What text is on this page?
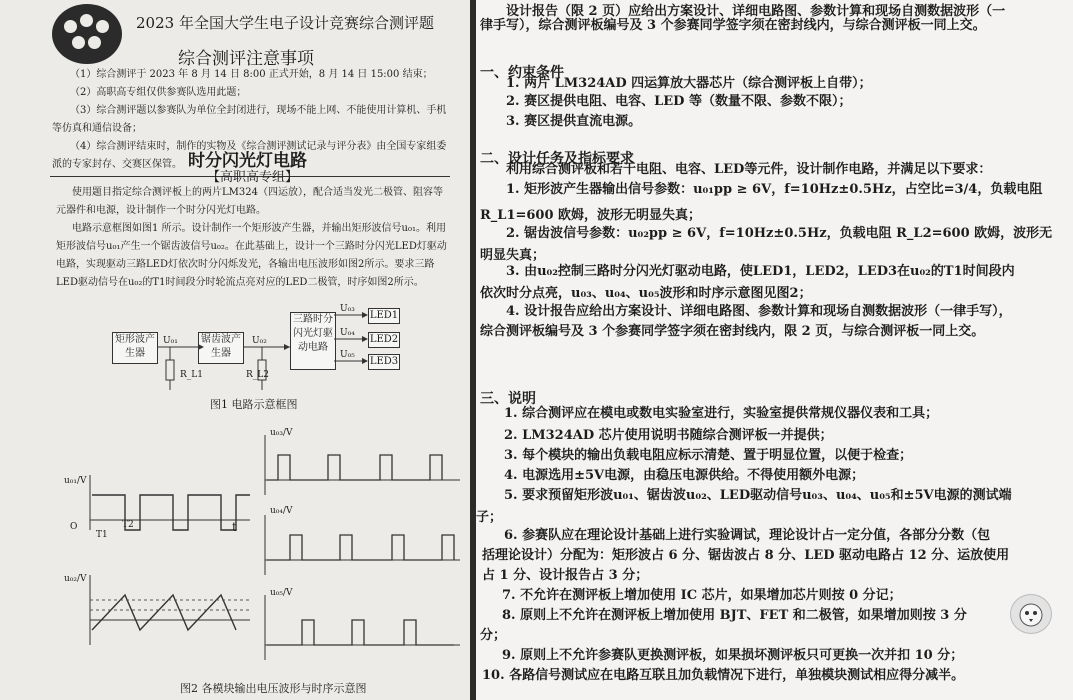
2023 年全国大学生电子设计竞赛综合测评题
综合测评注意事项
（1）综合测评于 2023 年 8 月 14 日 8:00 正式开始，8 月 14 日 15:00 结束；
（2）高职高专组仅供参赛队选用此题；
（3）综合测评题以参赛队为单位全封闭进行，现场不能上网、不能使用计算机、手机
等仿真和通信设备；
（4）综合测评结束时，制作的实物及《综合测评测试记录与评分表》由全国专家组委
派的专家封存、交赛区保管。 时分闪光灯电路
【高职高专组】
使用题目指定综合测评板上的两片LM324（四运放），配合适当发光二极管、阻容等
元器件和电源，设计制作一个时分闪光灯电路。
电路示意框图如图1 所示。设计制作一个矩形波产生器，并输出矩形波信号u₀₁。利用
矩形波信号u₀₁产生一个锯齿波信号u₀₂。在此基础上，设计一个三路时分闪光LED灯驱动
电路，实现驱动三路LED灯依次时分闪烁发光，各输出电压波形如图2所示。要求三路
LED驱动信号在u₀₂的T1时间段分时轮流点亮对应的LED二极管，时序如图2所示。
矩形波产生器
锯齿波产生器
三路时分闪光灯驱动电路
LED1
LED2
LED3
U₀₁	U₀₂
U₀₃
U₀₄
U₀₅
R_L1	R_L2
图1 电路示意框图
u₀₃/V
u₀₄/V
u₀₅/V
u₀₁/V
u₀₂/V
O	t
T1
T2
图2 各模块输出电压波形与时序示意图
设计报告（限 2 页）应给出方案设计、详细电路图、参数计算和现场自测数据波形（一
律手写），综合测评板编号及 3 个参赛同学签字须在密封线内，与综合测评板一同上交。
一、约束条件
1. 两片 LM324AD 四运算放大器芯片（综合测评板上自带）；
2. 赛区提供电阻、电容、LED 等（数量不限、参数不限）；
3. 赛区提供直流电源。
二、设计任务及指标要求
利用综合测评板和若干电阻、电容、LED等元件，设计制作电路，并满足以下要求：
1. 矩形波产生器输出信号参数：u₀₁pp ≥ 6V，f=10Hz±0.5Hz，占空比=3/4，负载电阻
R_L1=600 欧姆，波形无明显失真；
2. 锯齿波信号参数：u₀₂pp ≥ 6V，f=10Hz±0.5Hz，负载电阻 R_L2=600 欧姆，波形无
明显失真；
3. 由u₀₂控制三路时分闪光灯驱动电路，使LED1，LED2，LED3在u₀₂的T1时间段内
依次时分点亮，u₀₃、u₀₄、u₀₅波形和时序示意图见图2；
4. 设计报告应给出方案设计、详细电路图、参数计算和现场自测数据波形（一律手写），
综合测评板编号及 3 个参赛同学签字须在密封线内，限 2 页，与综合测评板一同上交。
三、说明
1. 综合测评应在模电或数电实验室进行，实验室提供常规仪器仪表和工具；
2. LM324AD 芯片使用说明书随综合测评板一并提供；
3. 每个模块的输出负载电阻应标示清楚、置于明显位置，以便于检查；
4. 电源选用±5V电源，由稳压电源供给。不得使用额外电源；
5. 要求预留矩形波u₀₁、锯齿波u₀₂、LED驱动信号u₀₃、u₀₄、u₀₅和±5V电源的测试端
子；
6. 参赛队应在理论设计基础上进行实验调试，理论设计占一定分值，各部分分数（包
括理论设计）分配为：矩形波占 6 分、锯齿波占 8 分、LED 驱动电路占 12 分、运放使用
占 1 分、设计报告占 3 分；
7. 不允许在测评板上增加使用 IC 芯片，如果增加芯片则按 0 分记；
8. 原则上不允许在测评板上增加使用 BJT、FET 和二极管，如果增加则按 3 分
分；
9. 原则上不允许参赛队更换测评板，如果损坏测评板只可更换一次并扣 10 分；
10. 各路信号测试应在电路互联且加负载情况下进行，单独模块测试相应得分减半。
